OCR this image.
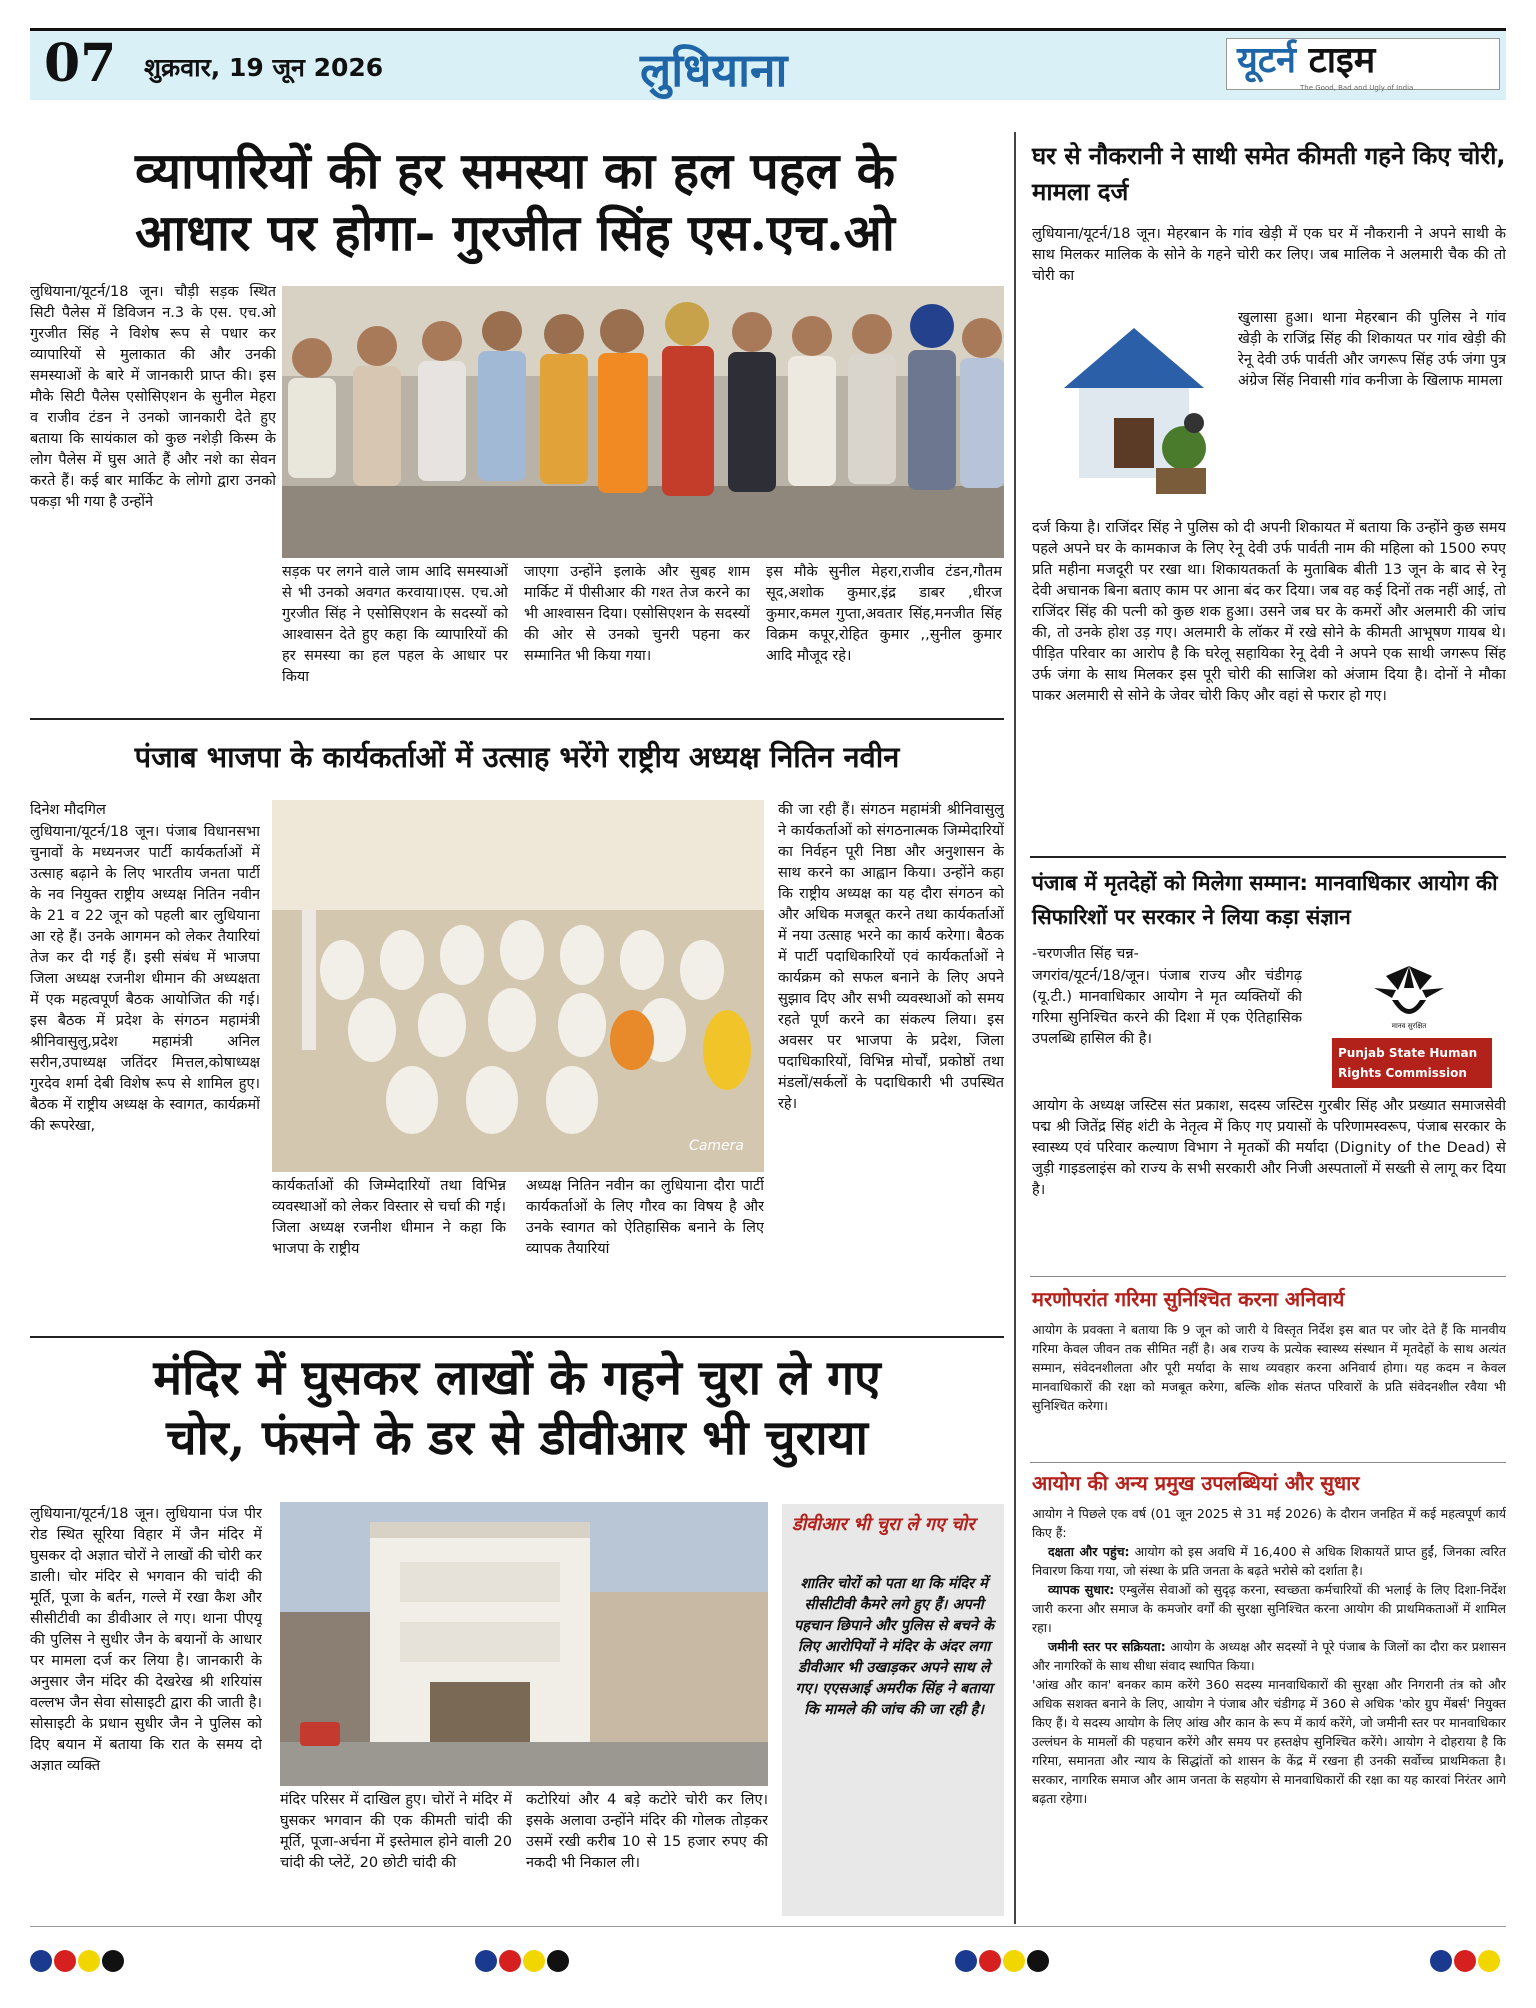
07 शुक्रवार, 19 जून 2026	लुधियाना	यूटर्न टाइम
The Good, Bad and Ugly of India
व्यापारियों की हर समस्या का हल पहल के
आधार पर होगा- गुरजीत सिंह एस.एच.ओ

लुधियाना/यूटर्न/18 जून। चौड़ी सड़क स्थित सिटी पैलेस में डिविजन न.3 के एस. एच.ओ गुरजीत सिंह ने विशेष रूप से पधार कर व्यापारियों से मुलाकात की और उनकी समस्याओं के बारे में जानकारी प्राप्त की। इस मौके सिटी पैलेस एसोसिएशन के सुनील मेहरा व राजीव टंडन ने उनको जानकारी देते हुए बताया कि सायंकाल को कुछ नशेड़ी किस्म के लोग पैलेस में घुस आते हैं और नशे का सेवन करते हैं। कई बार मार्किट के लोगो द्वारा उनको पकड़ा भी गया है उन्होंने

सड़क पर लगने वाले जाम आदि समस्याओं से भी उनको अवगत करवाया।एस. एच.ओ गुरजीत सिंह ने एसोसिएशन के सदस्यों को आश्वासन देते हुए कहा कि व्यापारियों की हर समस्या का हल पहल के आधार पर किया

जाएगा उन्होंने इलाके और सुबह शाम मार्किट में पीसीआर की गश्त तेज करने का भी आश्वासन दिया। एसोसिएशन के सदस्यों की ओर से उनको चुनरी पहना कर सम्मानित भी किया गया।

इस मौके सुनील मेहरा,राजीव टंडन,गौतम सूद,अशोक कुमार,इंद्र डाबर ,धीरज कुमार,कमल गुप्ता,अवतार सिंह,मनजीत सिंह विक्रम कपूर,रोहित कुमार ,,सुनील कुमार आदि मौजूद रहे।

पंजाब भाजपा के कार्यकर्ताओं में उत्साह भरेंगे राष्ट्रीय अध्यक्ष नितिन नवीन
दिनेश मौदगिल

लुधियाना/यूटर्न/18 जून। पंजाब विधानसभा चुनावों के मध्यनजर पार्टी कार्यकर्ताओं में उत्साह बढ़ाने के लिए भारतीय जनता पार्टी के नव नियुक्त राष्ट्रीय अध्यक्ष नितिन नवीन के 21 व 22 जून को पहली बार लुधियाना आ रहे हैं। उनके आगमन को लेकर तैयारियां तेज कर दी गई हैं। इसी संबंध में भाजपा जिला अध्यक्ष रजनीश धीमान की अध्यक्षता में एक महत्वपूर्ण बैठक आयोजित की गई। इस बैठक में प्रदेश के संगठन महामंत्री श्रीनिवासुलु,प्रदेश महामंत्री अनिल सरीन,उपाध्यक्ष जतिंदर मित्तल,कोषाध्यक्ष गुरदेव शर्मा देबी विशेष रूप से शामिल हुए। बैठक में राष्ट्रीय अध्यक्ष के स्वागत, कार्यक्रमों की रूपरेखा,

Camera

कार्यकर्ताओं की जिम्मेदारियों तथा विभिन्न व्यवस्थाओं को लेकर विस्तार से चर्चा की गई। जिला अध्यक्ष रजनीश धीमान ने कहा कि भाजपा के राष्ट्रीय

अध्यक्ष नितिन नवीन का लुधियाना दौरा पार्टी कार्यकर्ताओं के लिए गौरव का विषय है और उनके स्वागत को ऐतिहासिक बनाने के लिए व्यापक तैयारियां

की जा रही हैं। संगठन महामंत्री श्रीनिवासुलु ने कार्यकर्ताओं को संगठनात्मक जिम्मेदारियों का निर्वहन पूरी निष्ठा और अनुशासन के साथ करने का आह्वान किया। उन्होंने कहा कि राष्ट्रीय अध्यक्ष का यह दौरा संगठन को और अधिक मजबूत करने तथा कार्यकर्ताओं में नया उत्साह भरने का कार्य करेगा। बैठक में पार्टी पदाधिकारियों एवं कार्यकर्ताओं ने कार्यक्रम को सफल बनाने के लिए अपने सुझाव दिए और सभी व्यवस्थाओं को समय रहते पूर्ण करने का संकल्प लिया। इस अवसर पर भाजपा के प्रदेश, जिला पदाधिकारियों, विभिन्न मोर्चों, प्रकोष्ठों तथा मंडलों/सर्कलों के पदाधिकारी भी उपस्थित रहे।

मंदिर में घुसकर लाखों के गहने चुरा ले गए
चोर, फंसने के डर से डीवीआर भी चुराया

लुधियाना/यूटर्न/18 जून। लुधियाना पंज पीर रोड स्थित सूरिया विहार में जैन मंदिर में घुसकर दो अज्ञात चोरों ने लाखों की चोरी कर डाली। चोर मंदिर से भगवान की चांदी की मूर्ति, पूजा के बर्तन, गल्ले में रखा कैश और सीसीटीवी का डीवीआर ले गए। थाना पीएयू की पुलिस ने सुधीर जैन के बयानों के आधार पर मामला दर्ज कर लिया है। जानकारी के अनुसार जैन मंदिर की देखरेख श्री शरियांस वल्लभ जैन सेवा सोसाइटी द्वारा की जाती है। सोसाइटी के प्रधान सुधीर जैन ने पुलिस को दिए बयान में बताया कि रात के समय दो अज्ञात व्यक्ति

मंदिर परिसर में दाखिल हुए। चोरों ने मंदिर में घुसकर भगवान की एक कीमती चांदी की मूर्ति, पूजा-अर्चना में इस्तेमाल होने वाली 20 चांदी की प्लेटें, 20 छोटी चांदी की

कटोरियां और 4 बड़े कटोरे चोरी कर लिए। इसके अलावा उन्होंने मंदिर की गोलक तोड़कर उसमें रखी करीब 10 से 15 हजार रुपए की नकदी भी निकाल ली।

डीवीआर भी चुरा ले गए चोर

शातिर चोरों को पता था कि मंदिर में सीसीटीवी कैमरे लगे हुए हैं। अपनी पहचान छिपाने और पुलिस से बचने के लिए आरोपियों ने मंदिर के अंदर लगा डीवीआर भी उखाड़कर अपने साथ ले गए। एएसआई अमरीक सिंह ने बताया कि मामले की जांच की जा रही है।

घर से नौकरानी ने साथी समेत कीमती गहने किए चोरी, मामला दर्ज

लुधियाना/यूटर्न/18 जून। मेहरबान के गांव खेड़ी में एक घर में नौकरानी ने अपने साथी के साथ मिलकर मालिक के सोने के गहने चोरी कर लिए। जब मालिक ने अलमारी चैक की तो चोरी का

खुलासा हुआ। थाना मेहरबान की पुलिस ने गांव खेड़ी के राजिंद्र सिंह की शिकायत पर गांव खेड़ी की रेनू देवी उर्फ पार्वती और जगरूप सिंह उर्फ जंगा पुत्र अंग्रेज सिंह निवासी गांव कनीजा के खिलाफ मामला

दर्ज किया है। राजिंदर सिंह ने पुलिस को दी अपनी शिकायत में बताया कि उन्होंने कुछ समय पहले अपने घर के कामकाज के लिए रेनू देवी उर्फ पार्वती नाम की महिला को 1500 रुपए प्रति महीना मजदूरी पर रखा था। शिकायतकर्ता के मुताबिक बीती 13 जून के बाद से रेनू देवी अचानक बिना बताए काम पर आना बंद कर दिया। जब वह कई दिनों तक नहीं आई, तो राजिंदर सिंह की पत्नी को कुछ शक हुआ। उसने जब घर के कमरों और अलमारी की जांच की, तो उनके होश उड़ गए। अलमारी के लॉकर में रखे सोने के कीमती आभूषण गायब थे। पीड़ित परिवार का आरोप है कि घरेलू सहायिका रेनू देवी ने अपने एक साथी जगरूप सिंह उर्फ जंगा के साथ मिलकर इस पूरी चोरी की साजिश को अंजाम दिया है। दोनों ने मौका पाकर अलमारी से सोने के जेवर चोरी किए और वहां से फरार हो गए।

पंजाब में मृतदेहों को मिलेगा सम्मान: मानवाधिकार आयोग की सिफारिशों पर सरकार ने लिया कड़ा संज्ञान
-चरणजीत सिंह चन्न-

जगरांव/यूटर्न/18/जून। पंजाब राज्य और चंडीगढ़ (यू.टी.) मानवाधिकार आयोग ने मृत व्यक्तियों की गरिमा सुनिश्चित करने की दिशा में एक ऐतिहासिक उपलब्धि हासिल की है।

मानव सुरक्षित
Punjab State Human
Rights Commission

आयोग के अध्यक्ष जस्टिस संत प्रकाश, सदस्य जस्टिस गुरबीर सिंह और प्रख्यात समाजसेवी पद्म श्री जितेंद्र सिंह शंटी के नेतृत्व में किए गए प्रयासों के परिणामस्वरूप, पंजाब सरकार के स्वास्थ्य एवं परिवार कल्याण विभाग ने मृतकों की मर्यादा (Dignity of the Dead) से जुड़ी गाइडलाइंस को राज्य के सभी सरकारी और निजी अस्पतालों में सख्ती से लागू कर दिया है।

मरणोपरांत गरिमा सुनिश्चित करना अनिवार्य
आयोग के प्रवक्ता ने बताया कि 9 जून को जारी ये विस्तृत निर्देश इस बात पर जोर देते हैं कि मानवीय गरिमा केवल जीवन तक सीमित नहीं है। अब राज्य के प्रत्येक स्वास्थ्य संस्थान में मृतदेहों के साथ अत्यंत सम्मान, संवेदनशीलता और पूरी मर्यादा के साथ व्यवहार करना अनिवार्य होगा। यह कदम न केवल मानवाधिकारों की रक्षा को मजबूत करेगा, बल्कि शोक संतप्त परिवारों के प्रति संवेदनशील रवैया भी सुनिश्चित करेगा।
आयोग की अन्य प्रमुख उपलब्धियां और सुधार
आयोग ने पिछले एक वर्ष (01 जून 2025 से 31 मई 2026) के दौरान जनहित में कई महत्वपूर्ण कार्य किए हैं:
दक्षता और पहुंच: आयोग को इस अवधि में 16,400 से अधिक शिकायतें प्राप्त हुईं, जिनका त्वरित निवारण किया गया, जो संस्था के प्रति जनता के बढ़ते भरोसे को दर्शाता है।
व्यापक सुधार: एम्बुलेंस सेवाओं को सुदृढ़ करना, स्वच्छता कर्मचारियों की भलाई के लिए दिशा-निर्देश जारी करना और समाज के कमजोर वर्गों की सुरक्षा सुनिश्चित करना आयोग की प्राथमिकताओं में शामिल रहा।
जमीनी स्तर पर सक्रियता: आयोग के अध्यक्ष और सदस्यों ने पूरे पंजाब के जिलों का दौरा कर प्रशासन और नागरिकों के साथ सीधा संवाद स्थापित किया।
'आंख और कान' बनकर काम करेंगे 360 सदस्य मानवाधिकारों की सुरक्षा और निगरानी तंत्र को और अधिक सशक्त बनाने के लिए, आयोग ने पंजाब और चंडीगढ़ में 360 से अधिक 'कोर ग्रुप मेंबर्स' नियुक्त किए हैं। ये सदस्य आयोग के लिए आंख और कान के रूप में कार्य करेंगे, जो जमीनी स्तर पर मानवाधिकार उल्लंघन के मामलों की पहचान करेंगे और समय पर हस्तक्षेप सुनिश्चित करेंगे। आयोग ने दोहराया है कि गरिमा, समानता और न्याय के सिद्धांतों को शासन के केंद्र में रखना ही उनकी सर्वोच्च प्राथमिकता है। सरकार, नागरिक समाज और आम जनता के सहयोग से मानवाधिकारों की रक्षा का यह कारवां निरंतर आगे बढ़ता रहेगा।
